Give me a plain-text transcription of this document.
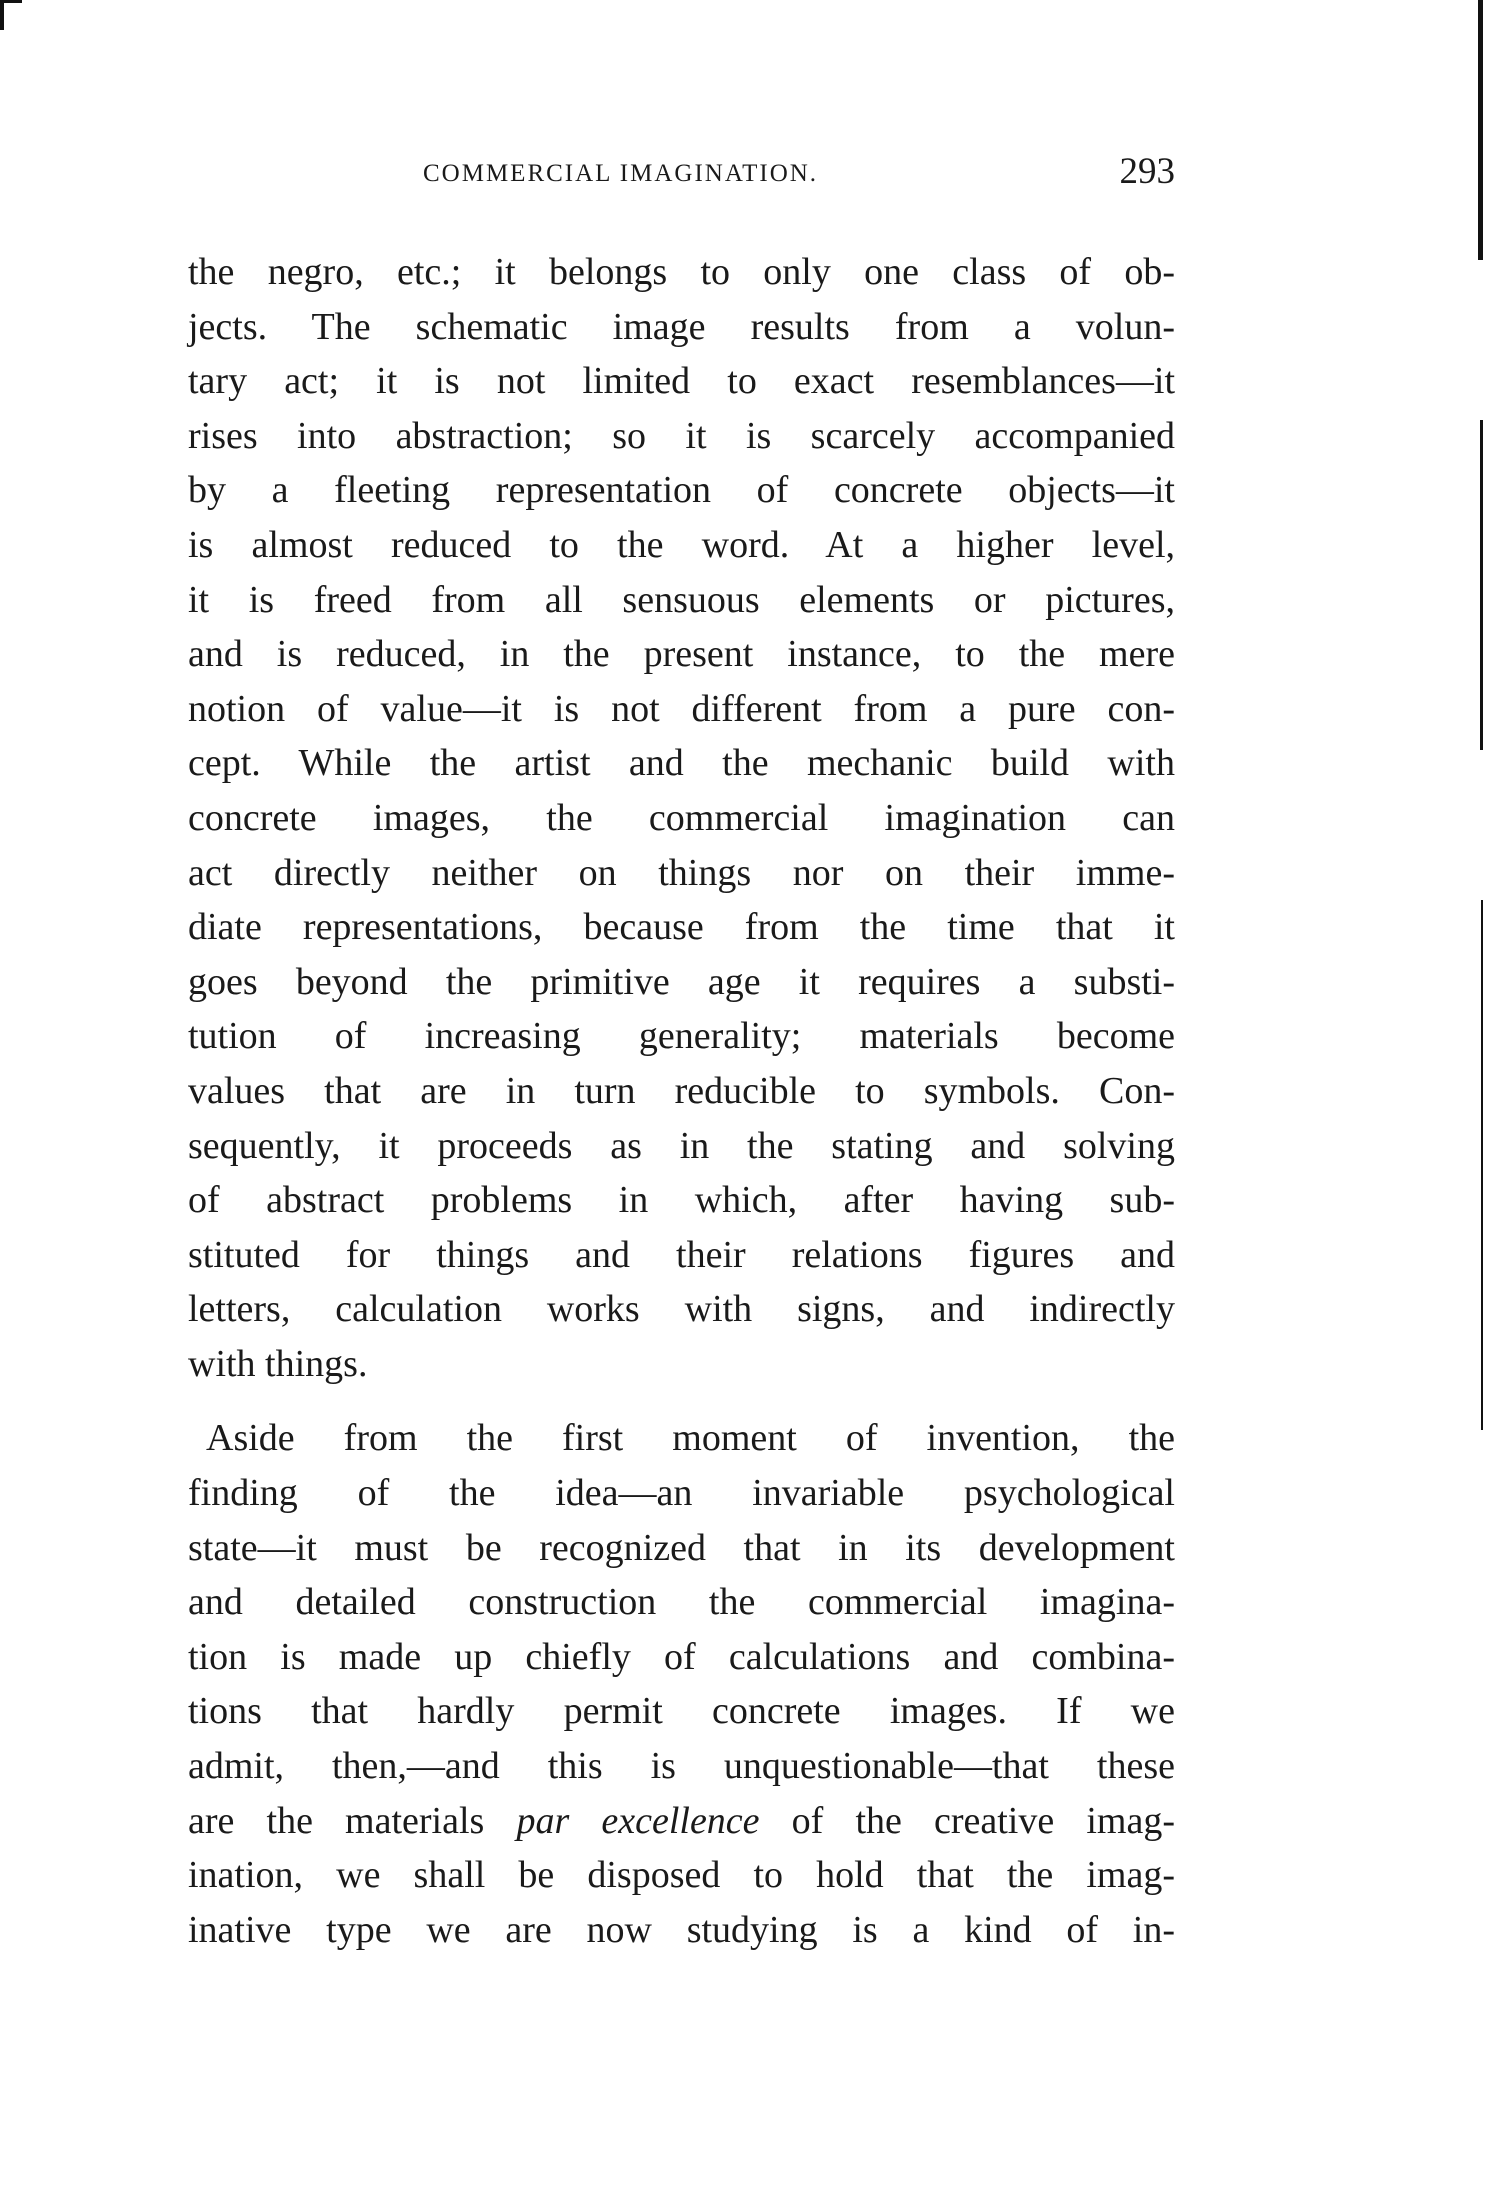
COMMERCIAL IMAGINATION.	293
the negro, etc.; it belongs to only one class of ob-
jects. The schematic image results from a volun-
tary act; it is not limited to exact resemblances—it
rises into abstraction; so it is scarcely accompanied
by a fleeting representation of concrete objects—it
is almost reduced to the word. At a higher level,
it is freed from all sensuous elements or pictures,
and is reduced, in the present instance, to the mere
notion of value—it is not different from a pure con-
cept. While the artist and the mechanic build with
concrete images, the commercial imagination can
act directly neither on things nor on their imme-
diate representations, because from the time that it
goes beyond the primitive age it requires a substi-
tution of increasing generality; materials become
values that are in turn reducible to symbols. Con-
sequently, it proceeds as in the stating and solving
of abstract problems in which, after having sub-
stituted for things and their relations figures and
letters, calculation works with signs, and indirectly
with things.
Aside from the first moment of invention, the
finding of the idea—an invariable psychological
state—it must be recognized that in its development
and detailed construction the commercial imagina-
tion is made up chiefly of calculations and combina-
tions that hardly permit concrete images. If we
admit, then,—and this is unquestionable—that these
are the materials par excellence of the creative imag-
ination, we shall be disposed to hold that the imag-
inative type we are now studying is a kind of in-
